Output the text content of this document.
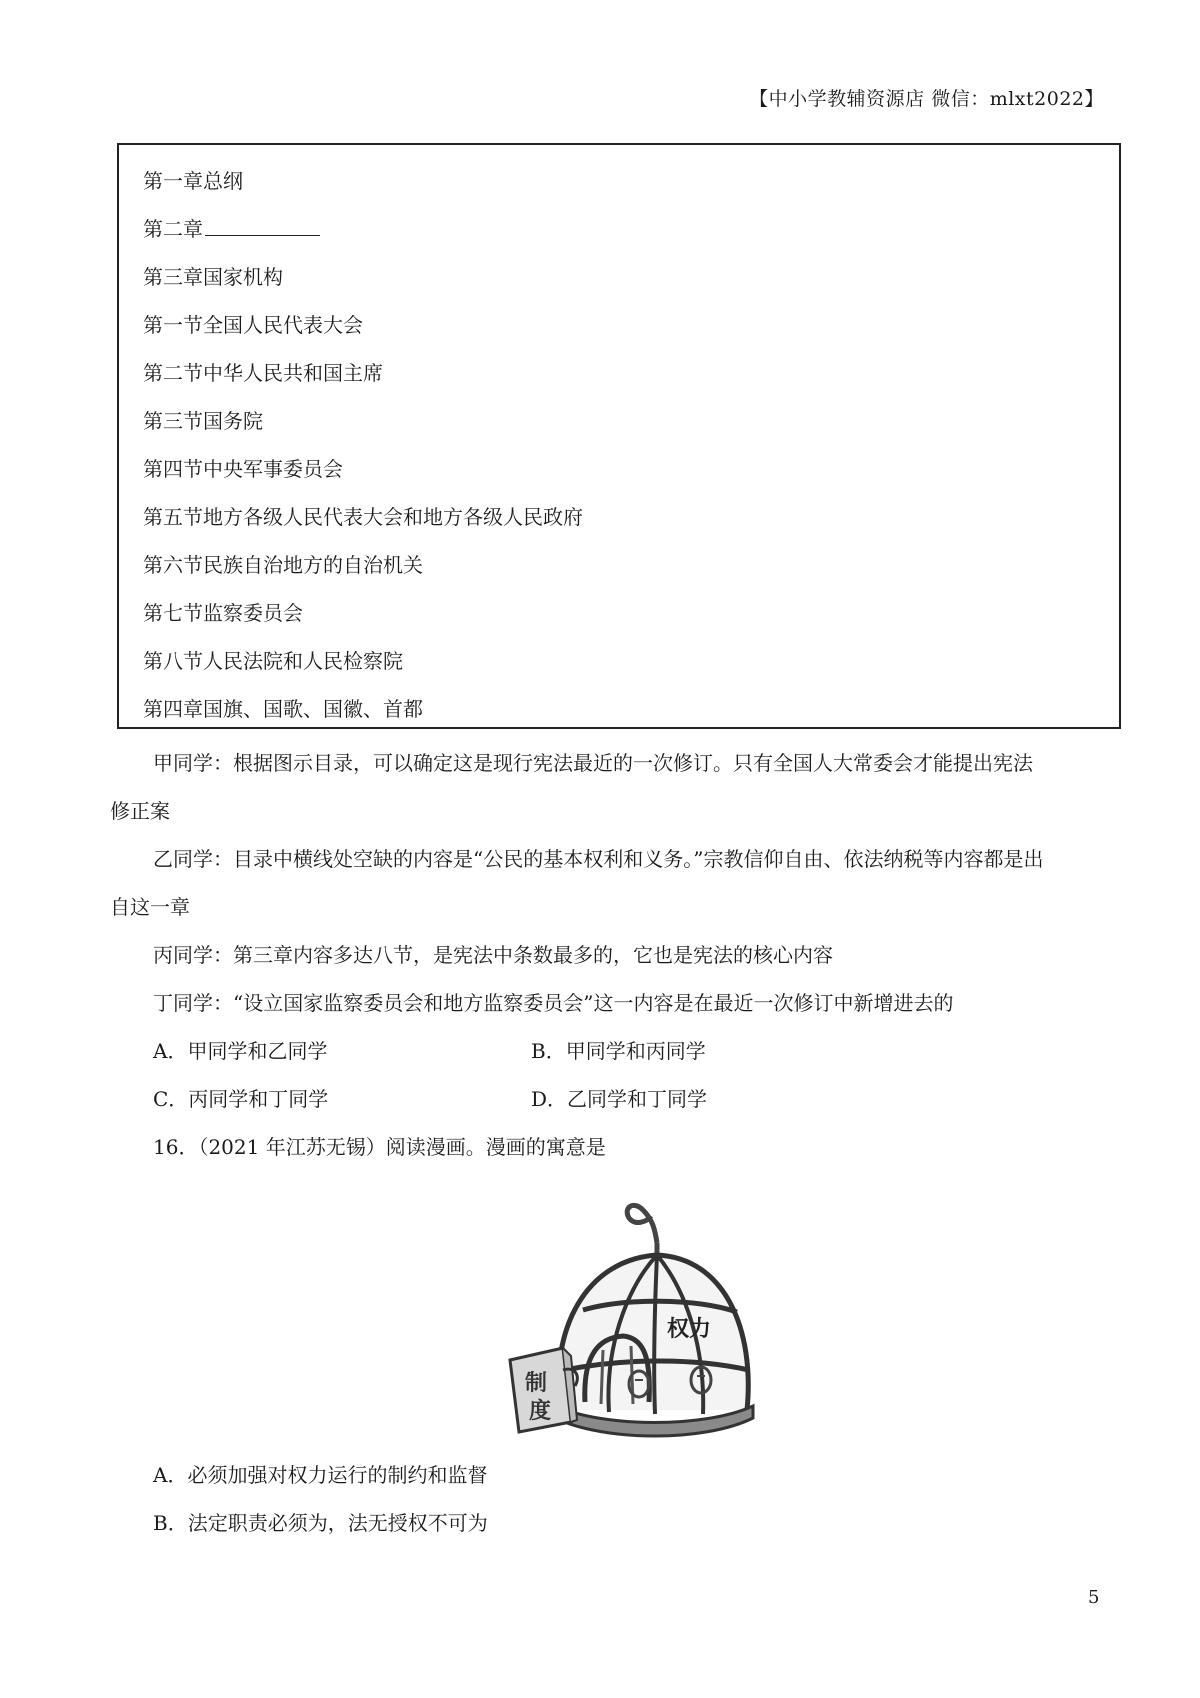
【中小学教辅资源店 微信：mlxt2022】
第一章总纲
第二章
第三章国家机构
第一节全国人民代表大会
第二节中华人民共和国主席
第三节国务院
第四节中央军事委员会
第五节地方各级人民代表大会和地方各级人民政府
第六节民族自治地方的自治机关
第七节监察委员会
第八节人民法院和人民检察院
第四章国旗、国歌、国徽、首都
甲同学：根据图示目录，可以确定这是现行宪法最近的一次修订。只有全国人大常委会才能提出宪法
修正案
乙同学：目录中横线处空缺的内容是“公民的基本权利和义务。”宗教信仰自由、依法纳税等内容都是出
自这一章
丙同学：第三章内容多达八节，是宪法中条数最多的，它也是宪法的核心内容
丁同学：“设立国家监察委员会和地方监察委员会”这一内容是在最近一次修订中新增进去的
A．甲同学和乙同学	B．甲同学和丙同学
C．丙同学和丁同学	D．乙同学和丁同学
16．（2021 年江苏无锡）阅读漫画。漫画的寓意是
制
度
权力
A．必须加强对权力运行的制约和监督
B．法定职责必须为，法无授权不可为
5
